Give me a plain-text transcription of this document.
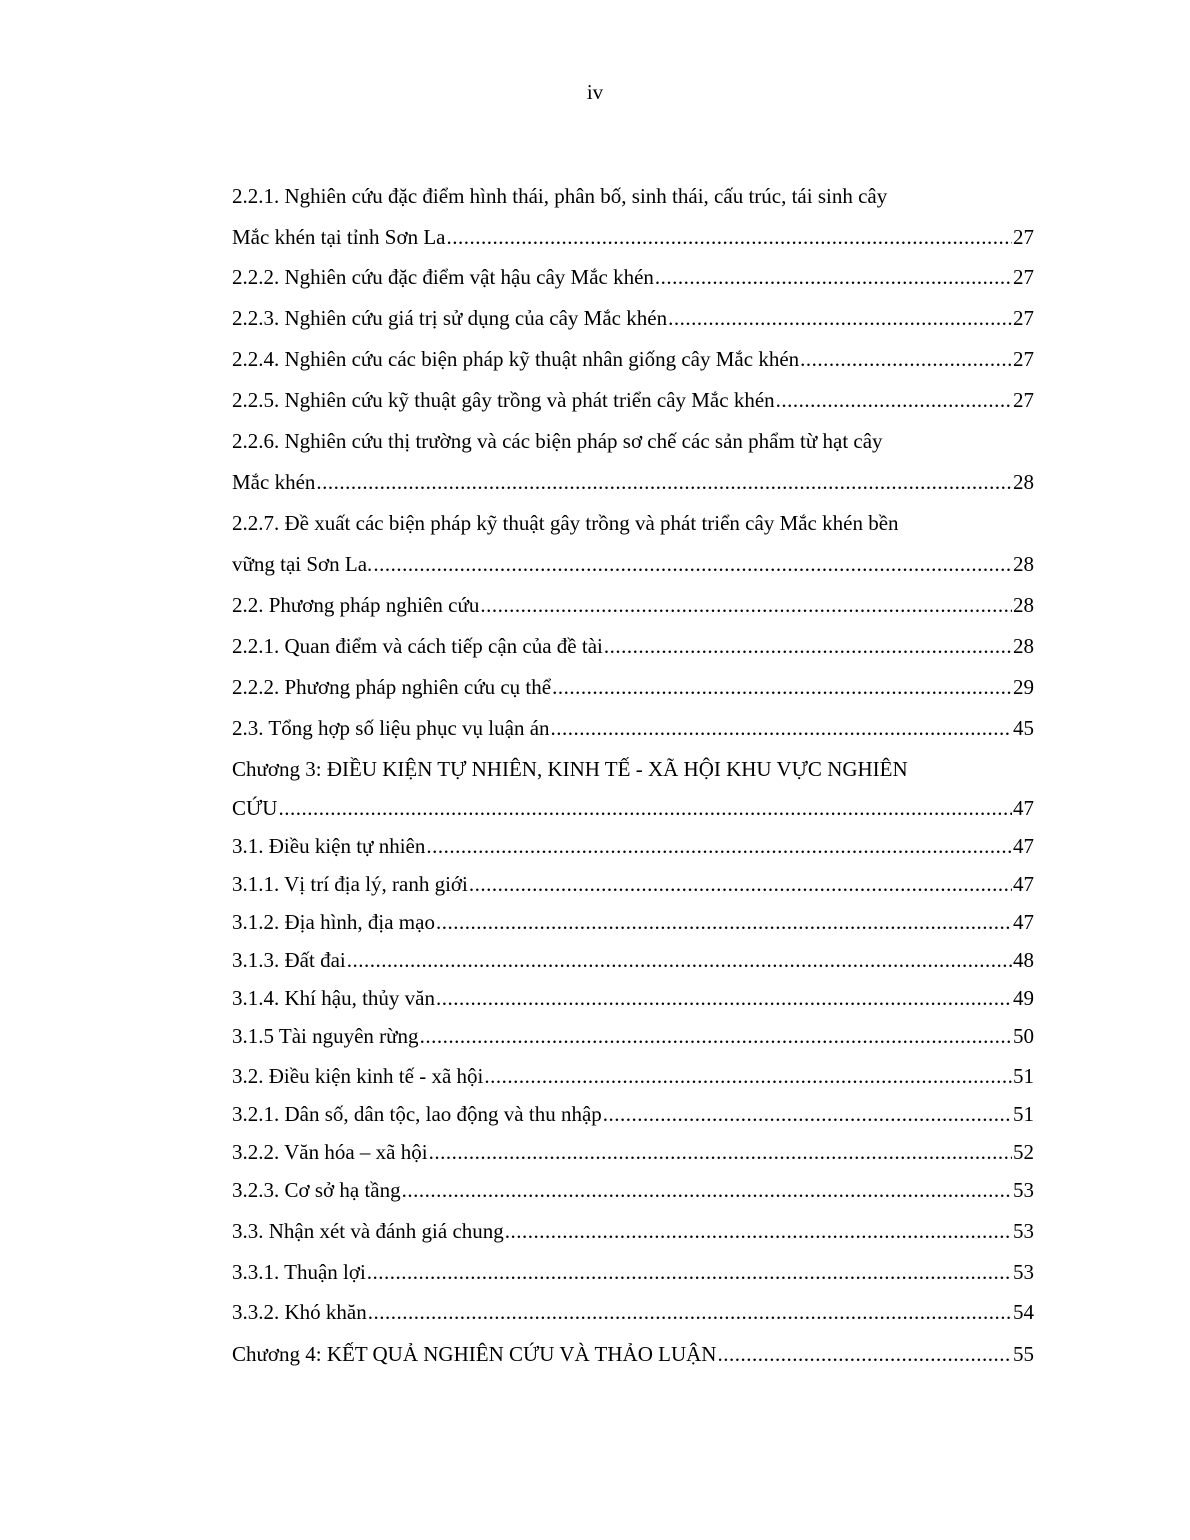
iv
2.2.1. Nghiên cứu đặc điểm hình thái, phân bố, sinh thái, cấu trúc, tái sinh cây
Mắc khén tại tỉnh Sơn La .....	27
2.2.2. Nghiên cứu đặc điểm vật hậu cây Mắc khén .....	27
2.2.3. Nghiên cứu giá trị sử dụng của cây Mắc khén .....	27
2.2.4. Nghiên cứu các biện pháp kỹ thuật nhân giống cây Mắc khén .....	27
2.2.5. Nghiên cứu kỹ thuật gây trồng và phát triển cây Mắc khén .....	27
2.2.6. Nghiên cứu thị trường và các biện pháp sơ chế các sản phẩm từ hạt cây
Mắc khén .....	28
2.2.7. Đề xuất các biện pháp kỹ thuật gây trồng và phát triển cây Mắc khén bền
vững tại Sơn La. .....	28
2.2. Phương pháp nghiên cứu .....	28
2.2.1. Quan điểm và cách tiếp cận của đề tài .....	28
2.2.2. Phương pháp nghiên cứu cụ thể .....	29
2.3. Tổng hợp số liệu phục vụ luận án .....	45
Chương 3: ĐIỀU KIỆN TỰ NHIÊN, KINH TẾ - XÃ HỘI KHU VỰC NGHIÊN
CỨU .....	47
3.1. Điều kiện tự nhiên .....	47
3.1.1. Vị trí địa lý, ranh giới .....	47
3.1.2. Địa hình, địa mạo .....	47
3.1.3. Đất đai .....	48
3.1.4. Khí hậu, thủy văn .....	49
3.1.5 Tài nguyên rừng .....	50
3.2. Điều kiện kinh tế - xã hội .....	51
3.2.1. Dân số, dân tộc, lao động và thu nhập .....	51
3.2.2. Văn hóa – xã hội .....	52
3.2.3. Cơ sở hạ tầng .....	53
3.3. Nhận xét và đánh giá chung .....	53
3.3.1. Thuận lợi .....	53
3.3.2. Khó khăn .....	54
Chương 4: KẾT QUẢ NGHIÊN CỨU VÀ THẢO LUẬN .....	55
